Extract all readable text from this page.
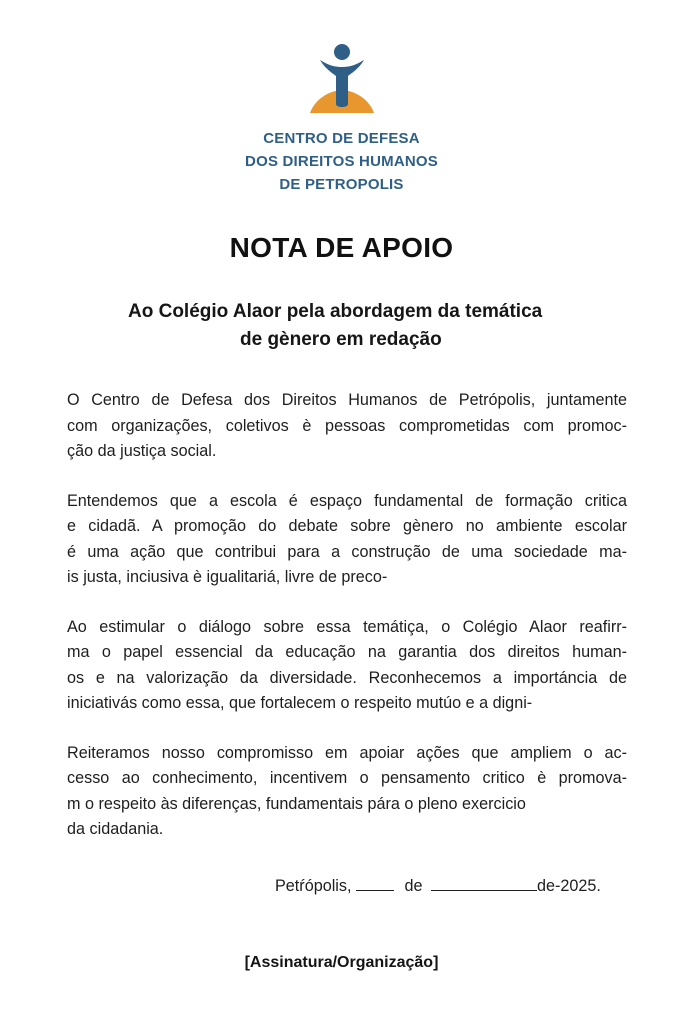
CENTRO DE DEFESA
DOS DIREITOS HUMANOS
DE PETROPOLIS
NOTA DE APOIO
Ao Colégio Alaor pela abordagem da temática
de gènero em redação

O Centro de Defesa dos Direitos Humanos de Petrópolis, juntamente
com organizações, coletivos è pessoas comprometidas com promoc-
ção da justiça social.

Entendemos que a escola é espaço fundamental de formação critica
e cidadã. A promoção do debate sobre gènero no ambiente escolar
é uma ação que contribui para a construção de uma sociedade ma-
is justa, inciusiva è igualitariá, livre de preco-

Ao estimular o diálogo sobre essa temátiça, o Colégio Alaor reafirr-
ma o papel essencial da educação na garantia dos direitos human-
os e na valorização da diversidade. Reconhecemos a importáncia de
iniciativás como essa, que fortalecem o respeito mutúo e a digni-

Reiteramos nosso compromisso em apoiar ações que ampliem o ac-
cesso ao conhecimento, incentivem o pensamento critico è promova-
m o respeito às diferenças, fundamentais pára o pleno exercicio
da cidadania.

Petŕópolis,	de	de-2025.
[Assinatura/Organização]
